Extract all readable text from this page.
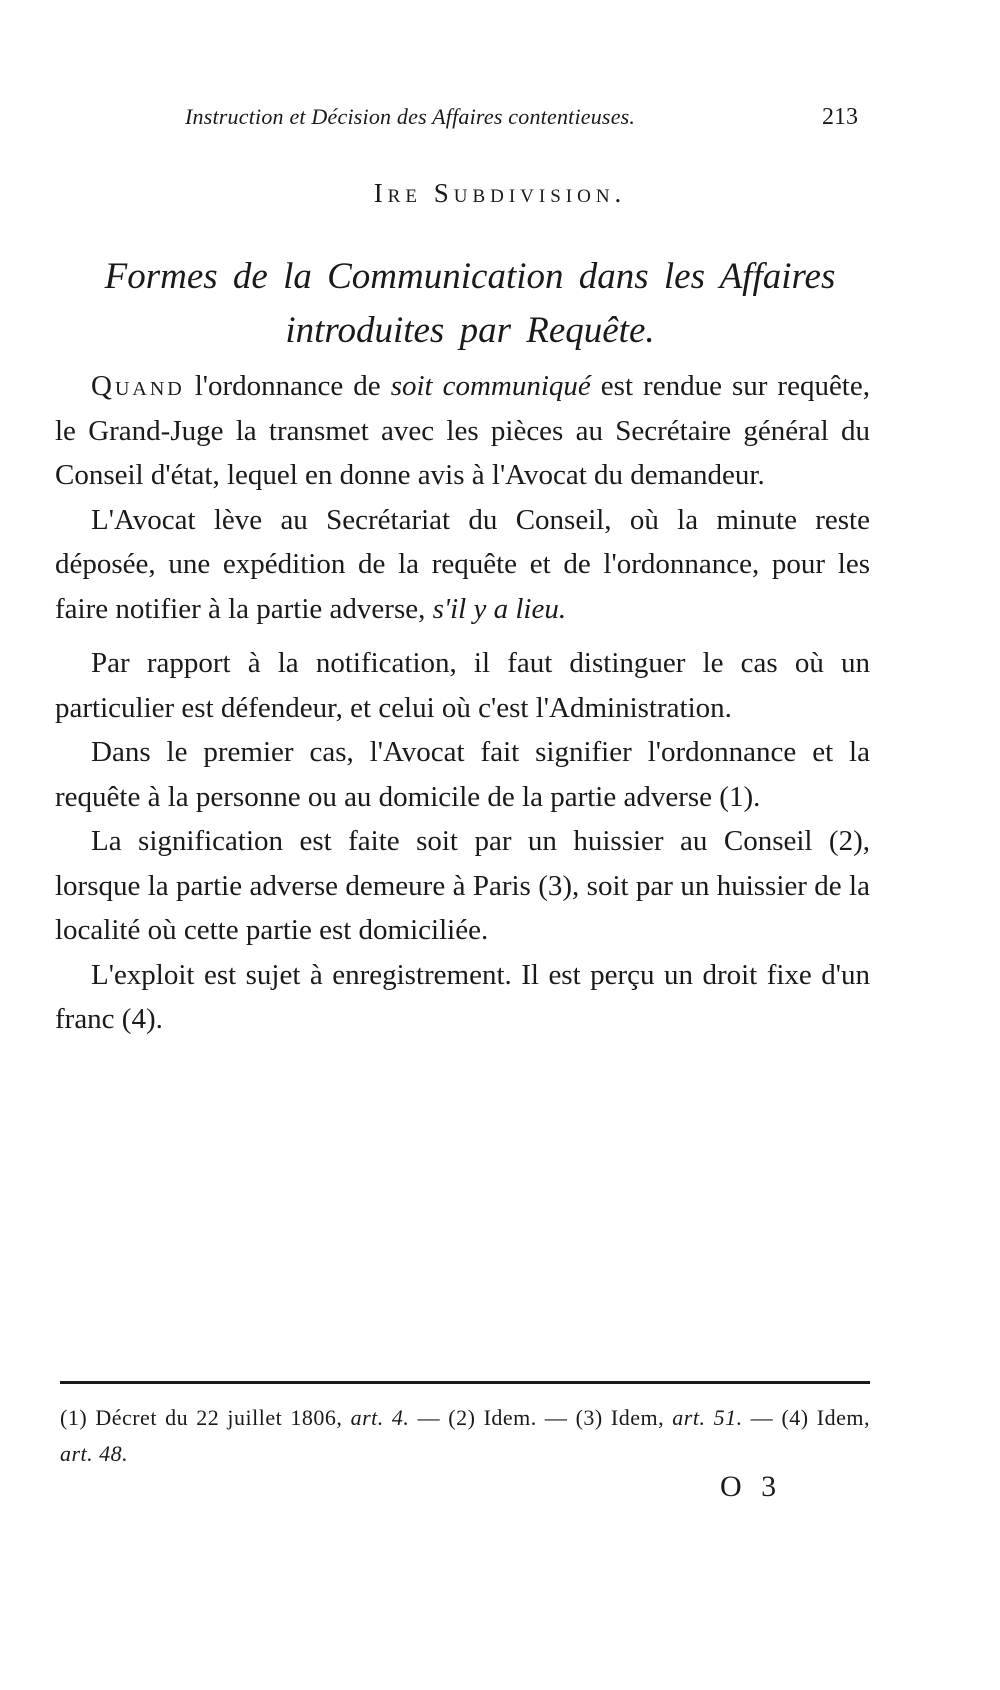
Instruction et Décision des Affaires contentieuses.	213
Ire Subdivision.
Formes de la Communication dans les Affaires
introduites par Requête.

Quand l'ordonnance de soit communiqué est rendue sur requête, le Grand-Juge la transmet avec les pièces au Secrétaire général du Conseil d'état, lequel en donne avis à l'Avocat du demandeur.

L'Avocat lève au Secrétariat du Conseil, où la minute reste déposée, une expédition de la requête et de l'ordonnance, pour les faire notifier à la partie adverse, s'il y a lieu.

Par rapport à la notification, il faut distinguer le cas où un particulier est défendeur, et celui où c'est l'Administration.

Dans le premier cas, l'Avocat fait signifier l'ordonnance et la requête à la personne ou au domicile de la partie adverse (1).

La signification est faite soit par un huissier au Conseil (2), lorsque la partie adverse demeure à Paris (3), soit par un huissier de la localité où cette partie est domiciliée.

L'exploit est sujet à enregistrement. Il est perçu un droit fixe d'un franc (4).

(1) Décret du 22 juillet 1806, art. 4. — (2) Idem. — (3) Idem, art. 51. — (4) Idem, art. 48.

O 3
